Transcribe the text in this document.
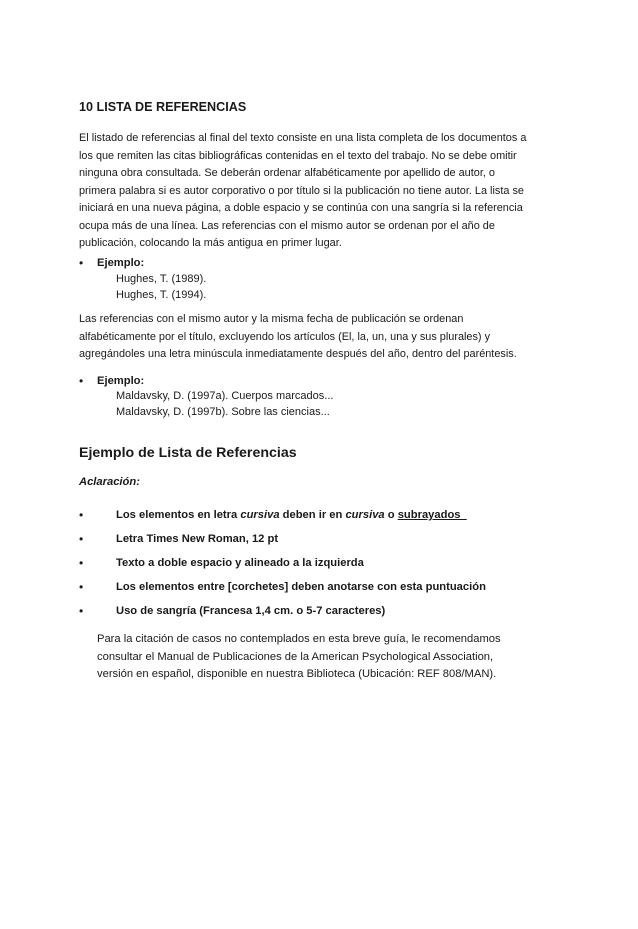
10 LISTA DE REFERENCIAS
El listado de referencias al final del texto consiste en una lista completa de los documentos a
los que remiten las citas bibliográficas contenidas en el texto del trabajo. No se debe omitir
ninguna obra consultada. Se deberán ordenar alfabéticamente por apellido de autor, o
primera palabra si es autor corporativo o por título si la publicación no tiene autor. La lista se
iniciará en una nueva página, a doble espacio y se continúa con una sangría si la referencia
ocupa más de una línea. Las referencias con el mismo autor se ordenan por el año de
publicación, colocando la más antigua en primer lugar.
• Ejemplo:
Hughes, T. (1989).
Hughes, T. (1994).
Las referencias con el mismo autor y la misma fecha de publicación se ordenan
alfabéticamente por el título, excluyendo los artículos (El, la, un, una y sus plurales) y
agregándoles una letra minúscula inmediatamente después del año, dentro del paréntesis.
• Ejemplo:
Maldavsky, D. (1997a). Cuerpos marcados...
Maldavsky, D. (1997b). Sobre las ciencias...
Ejemplo de Lista de Referencias
Aclaración:
•	Los elementos en letra cursiva deben ir en cursiva o subrayados
•	Letra Times New Roman, 12 pt
•	Texto a doble espacio y alineado a la izquierda
•	Los elementos entre [corchetes] deben anotarse con esta puntuación
•	Uso de sangría (Francesa 1,4 cm. o 5-7 caracteres)
Para la citación de casos no contemplados en esta breve guía, le recomendamos
consultar el Manual de Publicaciones de la American Psychological Association,
versión en español, disponible en nuestra Biblioteca (Ubicación: REF 808/MAN).
